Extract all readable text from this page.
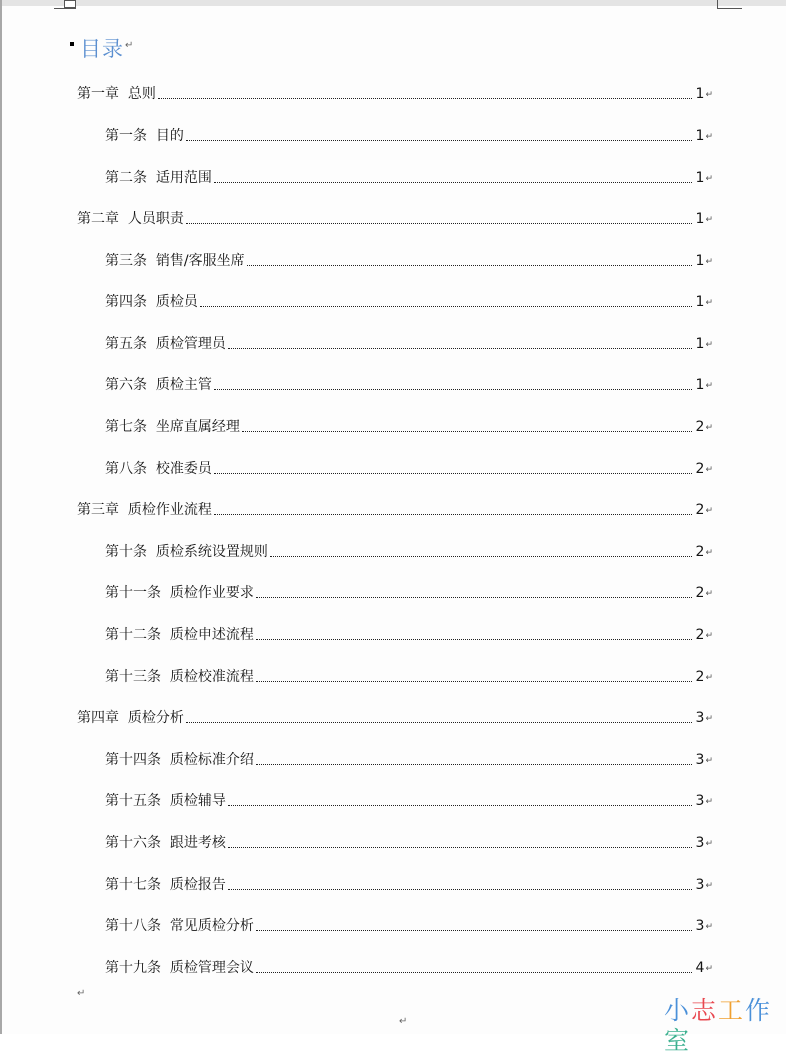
目录 ↵
第一章  总则	1 ↵
第一条  目的	1 ↵
第二条  适用范围	1 ↵
第二章  人员职责	1 ↵
第三条  销售/客服坐席	1 ↵
第四条  质检员	1 ↵
第五条  质检管理员	1 ↵
第六条  质检主管	1 ↵
第七条  坐席直属经理	2 ↵
第八条  校准委员	2 ↵
第三章  质检作业流程	2 ↵
第十条  质检系统设置规则	2 ↵
第十一条  质检作业要求	2 ↵
第十二条  质检申述流程	2 ↵
第十三条  质检校准流程	2 ↵
第四章  质检分析	3 ↵
第十四条  质检标准介绍	3 ↵
第十五条  质检辅导	3 ↵
第十六条  跟进考核	3 ↵
第十七条  质检报告	3 ↵
第十八条  常见质检分析	3 ↵
第十九条  质检管理会议	4 ↵
↵
↵	小志工作室
